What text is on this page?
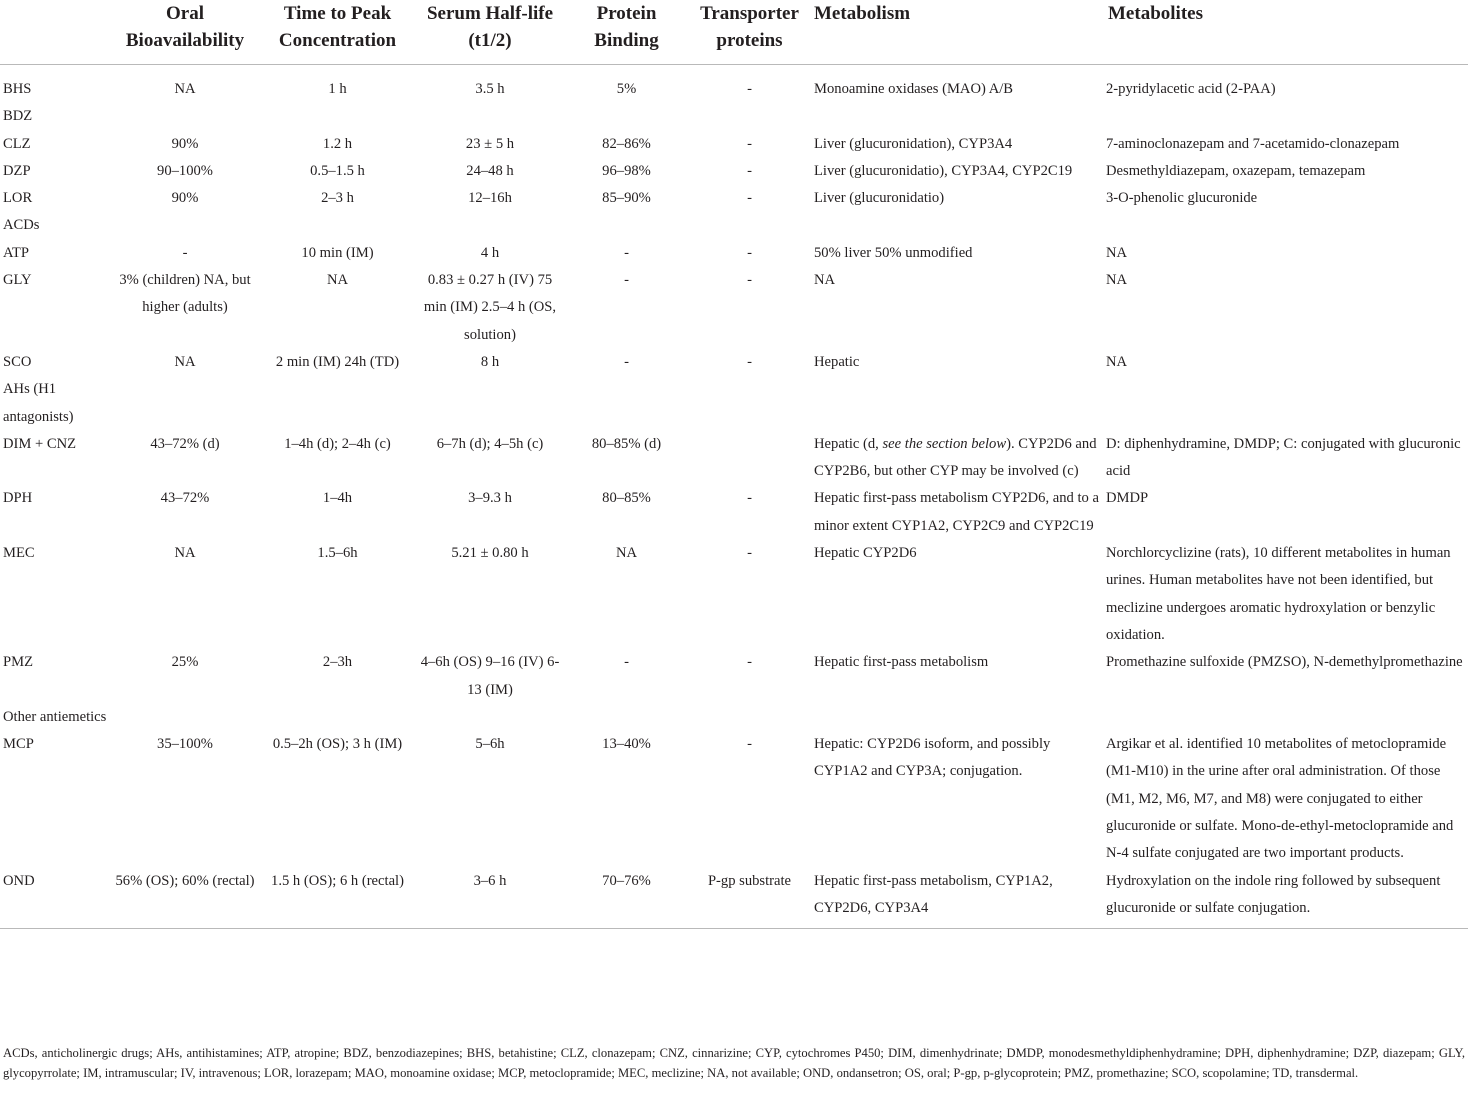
	Oral Bioavailability	Time to Peak Concentration	Serum Half-life (t1/2)	Protein Binding	Transporter proteins	Metabolism	Metabolites
BHS	NA	1 h	3.5 h	5%	-	Monoamine oxidases (MAO) A/B	2-pyridylacetic acid (2-PAA)
BDZ							
CLZ	90%	1.2 h	23 ± 5 h	82–86%	-	Liver (glucuronidation), CYP3A4	7-aminoclonazepam and 7-acetamido-clonazepam
DZP	90–100%	0.5–1.5 h	24–48 h	96–98%	-	Liver (glucuronidatio), CYP3A4, CYP2C19	Desmethyldiazepam, oxazepam, temazepam
LOR	90%	2–3 h	12–16h	85–90%	-	Liver (glucuronidatio)	3-O-phenolic glucuronide
ACDs							
ATP	-	10 min (IM)	4 h	-	-	50% liver 50% unmodified	NA
GLY	3% (children) NA, but higher (adults)	NA	0.83 ± 0.27 h (IV) 75 min (IM) 2.5–4 h (OS, solution)	-	-	NA	NA
SCO	NA	2 min (IM) 24h (TD)	8 h	-	-	Hepatic	NA
AHs (H1 antagonists)							
DIM + CNZ	43–72% (d)	1–4h (d); 2–4h (c)	6–7h (d); 4–5h (c)	80–85% (d)		Hepatic (d, see the section below). CYP2D6 and CYP2B6, but other CYP may be involved (c)	D: diphenhydramine, DMDP; C: conjugated with glucuronic acid
DPH	43–72%	1–4h	3–9.3 h	80–85%	-	Hepatic first-pass metabolism CYP2D6, and to a minor extent CYP1A2, CYP2C9 and CYP2C19	DMDP
MEC	NA	1.5–6h	5.21 ± 0.80 h	NA	-	Hepatic CYP2D6	Norchlorcyclizine (rats), 10 different metabolites in human urines. Human metabolites have not been identified, but meclizine undergoes aromatic hydroxylation or benzylic oxidation.
PMZ	25%	2–3h	4–6h (OS) 9–16 (IV) 6-13 (IM)	-	-	Hepatic first-pass metabolism	Promethazine sulfoxide (PMZSO), N-demethylpromethazine
Other antiemetics							
MCP	35–100%	0.5–2h (OS); 3 h (IM)	5–6h	13–40%	-	Hepatic: CYP2D6 isoform, and possibly CYP1A2 and CYP3A; conjugation.	Argikar et al. identified 10 metabolites of metoclopramide (M1-M10) in the urine after oral administration. Of those (M1, M2, M6, M7, and M8) were conjugated to either glucuronide or sulfate. Mono-de-ethyl-metoclopramide and N-4 sulfate conjugated are two important products.
OND	56% (OS); 60% (rectal)	1.5 h (OS); 6 h (rectal)	3–6 h	70–76%	P-gp substrate	Hepatic first-pass metabolism, CYP1A2, CYP2D6, CYP3A4	Hydroxylation on the indole ring followed by subsequent glucuronide or sulfate conjugation.
ACDs, anticholinergic drugs; AHs, antihistamines; ATP, atropine; BDZ, benzodiazepines; BHS, betahistine; CLZ, clonazepam; CNZ, cinnarizine; CYP, cytochromes P450; DIM, dimenhydrinate; DMDP, monodesmethyldiphenhydramine; DPH, diphenhydramine; DZP, diazepam; GLY, glycopyrrolate; IM, intramuscular; IV, intravenous; LOR, lorazepam; MAO, monoamine oxidase; MCP, metoclopramide; MEC, meclizine; NA, not available; OND, ondansetron; OS, oral; P-gp, p-glycoprotein; PMZ, promethazine; SCO, scopolamine; TD, transdermal.
